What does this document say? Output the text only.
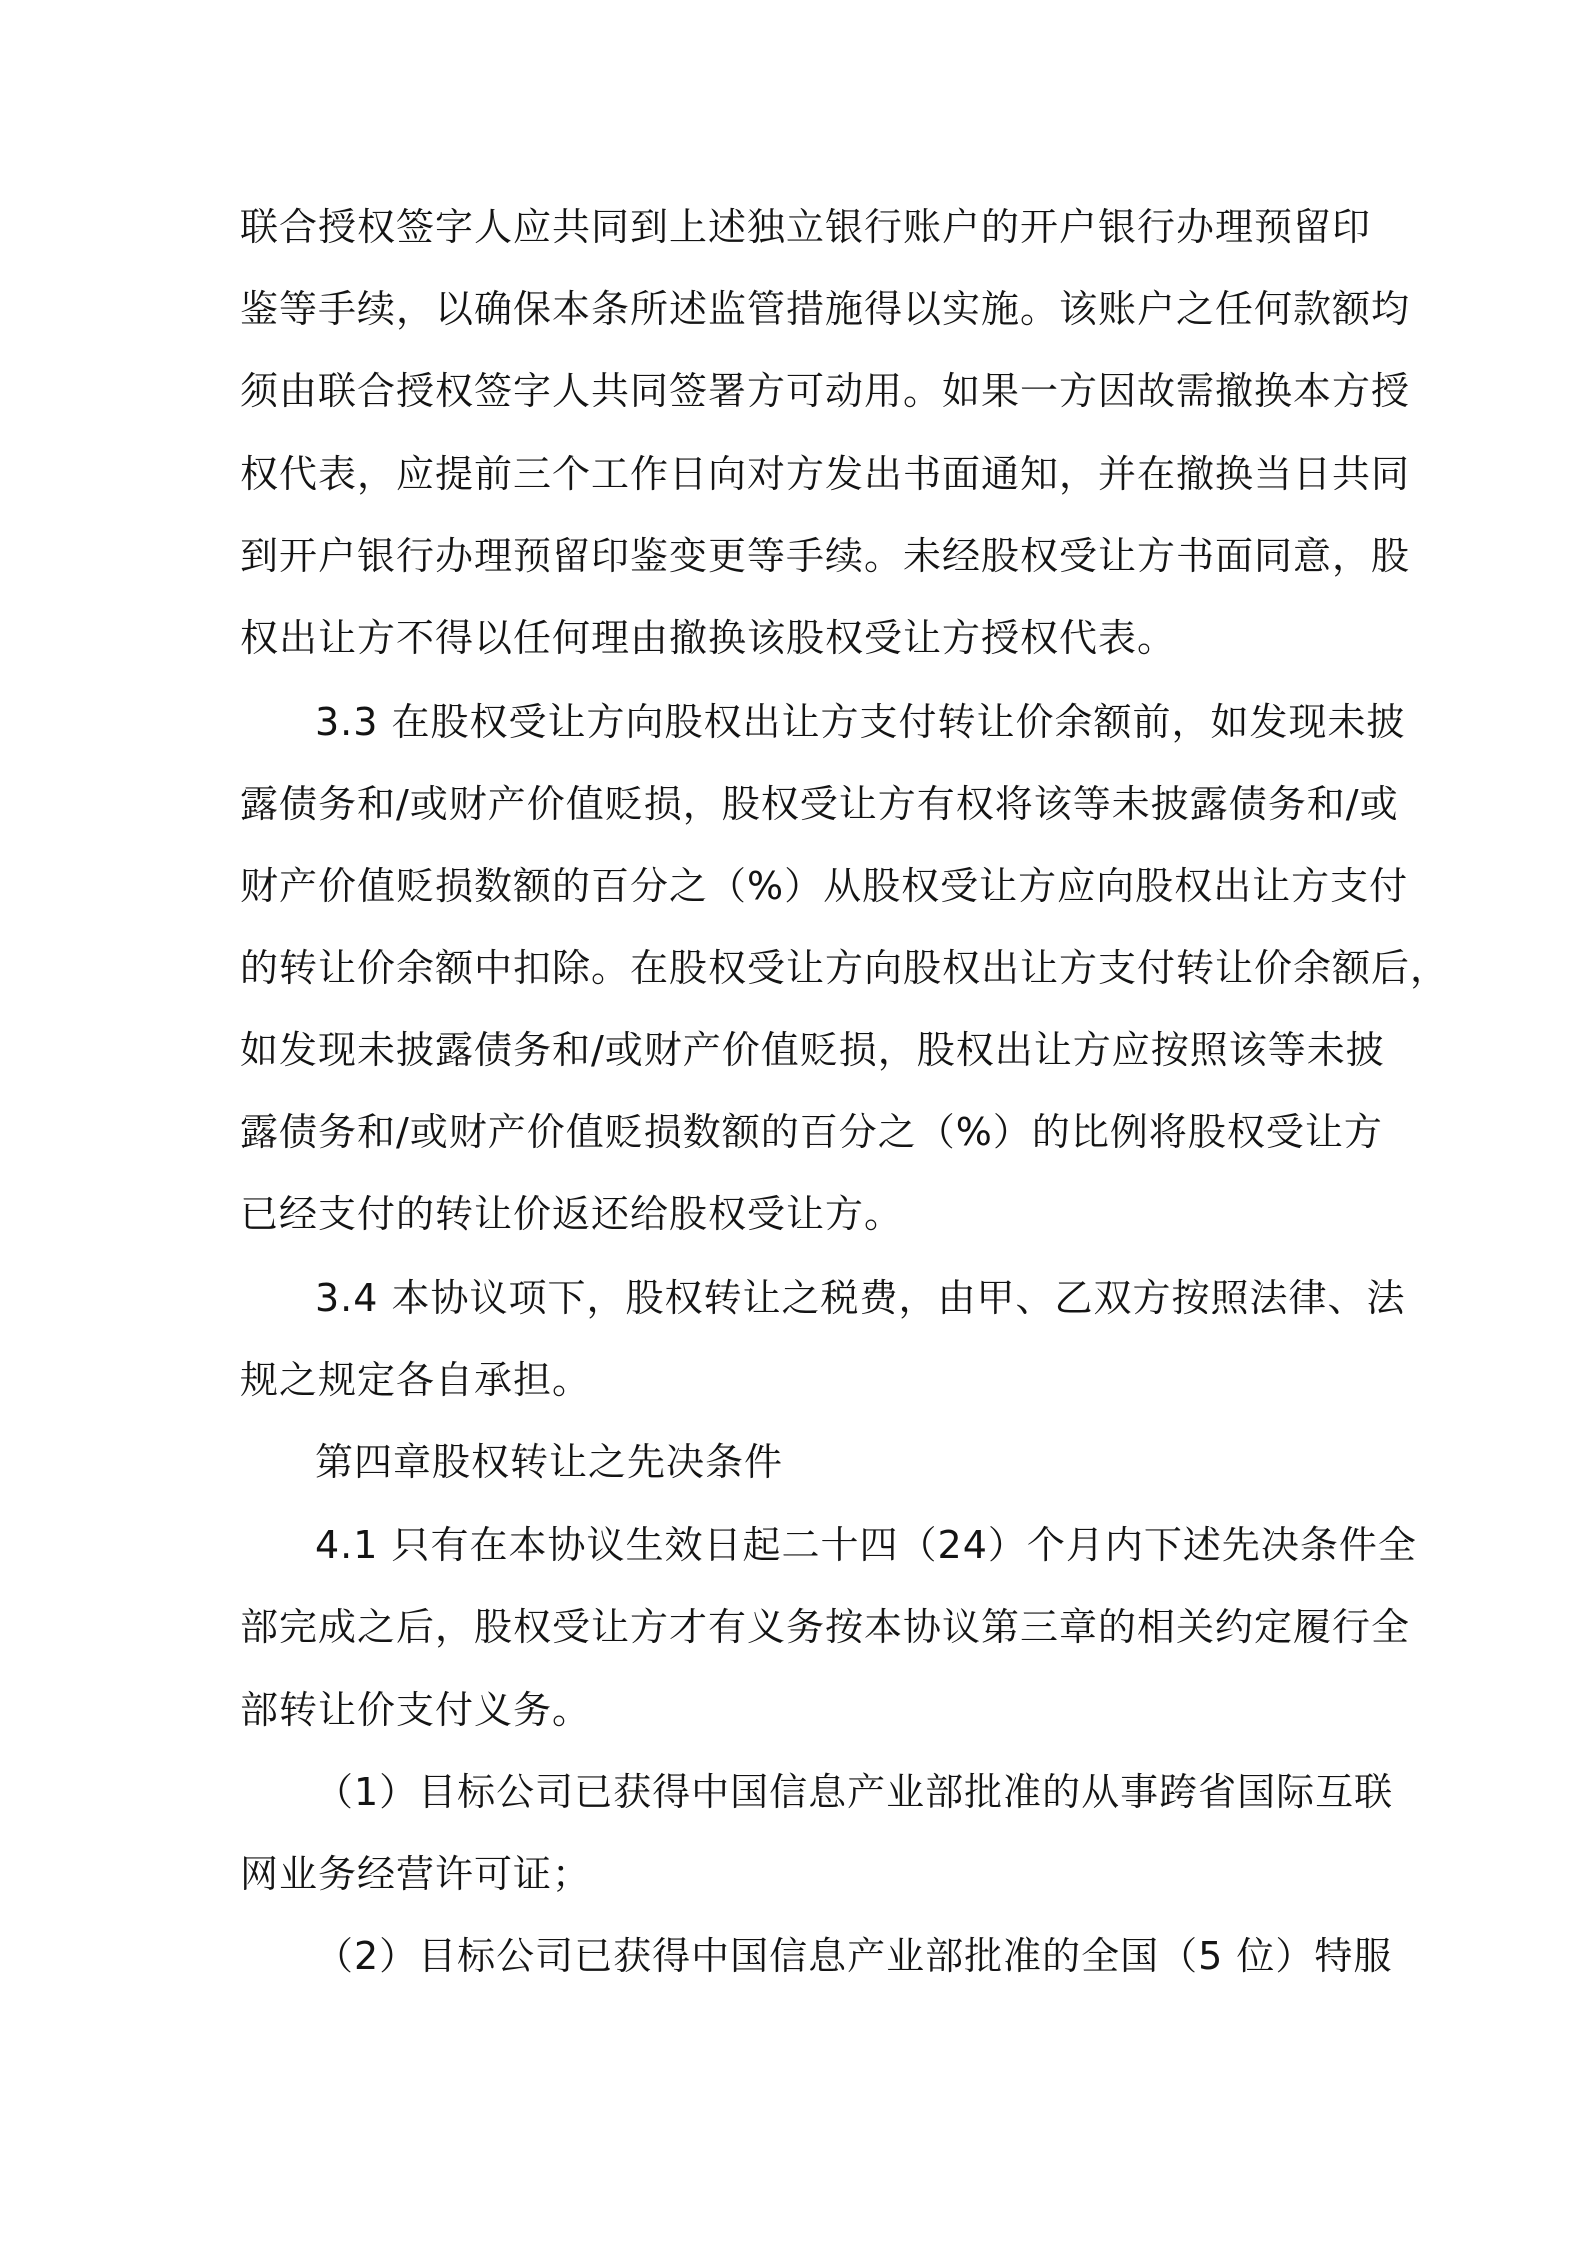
联合授权签字人应共同到上述独立银行账户的开户银行办理预留印
鉴等手续，以确保本条所述监管措施得以实施。该账户之任何款额均
须由联合授权签字人共同签署方可动用。如果一方因故需撤换本方授
权代表，应提前三个工作日向对方发出书面通知，并在撤换当日共同
到开户银行办理预留印鉴变更等手续。未经股权受让方书面同意，股
权出让方不得以任何理由撤换该股权受让方授权代表。
3.3 在股权受让方向股权出让方支付转让价余额前，如发现未披
露债务和/或财产价值贬损，股权受让方有权将该等未披露债务和/或
财产价值贬损数额的百分之（%）从股权受让方应向股权出让方支付
的转让价余额中扣除。在股权受让方向股权出让方支付转让价余额后，
如发现未披露债务和/或财产价值贬损，股权出让方应按照该等未披
露债务和/或财产价值贬损数额的百分之（%）的比例将股权受让方
已经支付的转让价返还给股权受让方。
3.4 本协议项下，股权转让之税费，由甲、乙双方按照法律、法
规之规定各自承担。
第四章股权转让之先决条件
4.1 只有在本协议生效日起二十四（24）个月内下述先决条件全
部完成之后，股权受让方才有义务按本协议第三章的相关约定履行全
部转让价支付义务。
（1）目标公司已获得中国信息产业部批准的从事跨省国际互联
网业务经营许可证；
（2）目标公司已获得中国信息产业部批准的全国（5 位）特服
